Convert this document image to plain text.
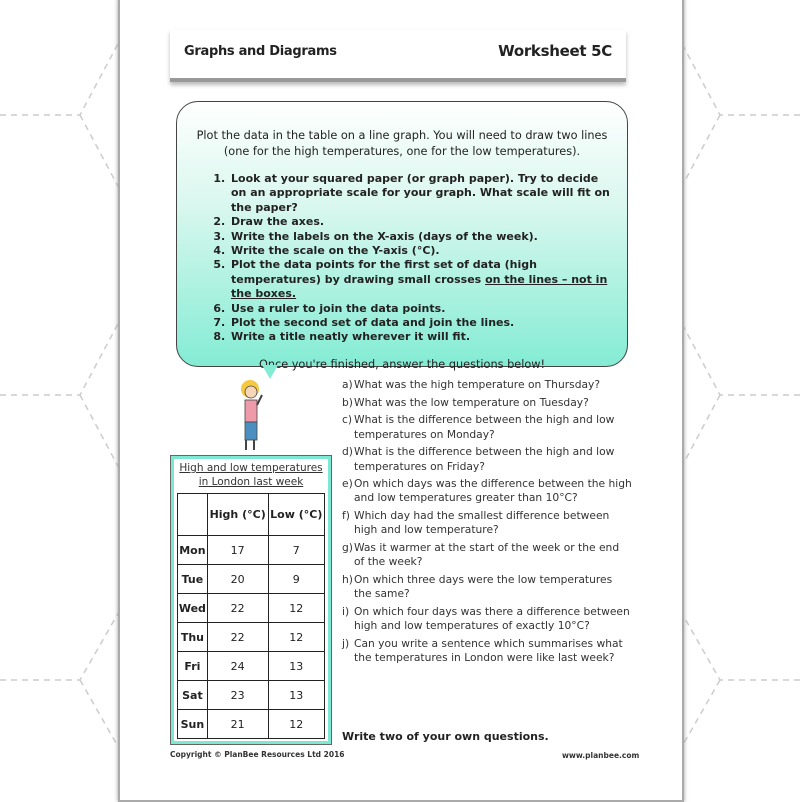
Graphs and Diagrams	Worksheet 5C
Plot the data in the table on a line graph. You will need to draw two lines (one for the high temperatures, one for the low temperatures).
1. Look at your squared paper (or graph paper). Try to decide on an appropriate scale for your graph. What scale will fit on the paper?
2. Draw the axes.
3. Write the labels on the X-axis (days of the week).
4. Write the scale on the Y-axis (°C).
5. Plot the data points for the first set of data (high temperatures) by drawing small crosses on the lines – not in the boxes.
6. Use a ruler to join the data points.
7. Plot the second set of data and join the lines.
8. Write a title neatly wherever it will fit.
Once you're finished, answer the questions below!
High and low temperatures in London last week
	High (°C)	Low (°C)
Mon	17	7
Tue	20	9
Wed	22	12
Thu	22	12
Fri	24	13
Sat	23	13
Sun	21	12
a) What was the high temperature on Thursday?
b) What was the low temperature on Tuesday?
c) What is the difference between the high and low temperatures on Monday?
d) What is the difference between the high and low temperatures on Friday?
e) On which days was the difference between the high and low temperatures greater than 10°C?
f) Which day had the smallest difference between high and low temperature?
g) Was it warmer at the start of the week or the end of the week?
h) On which three days were the low temperatures the same?
i) On which four days was there a difference between high and low temperatures of exactly 10°C?
j) Can you write a sentence which summarises what the temperatures in London were like last week?
Write two of your own questions.
Copyright © PlanBee Resources Ltd 2016	www.planbee.com
